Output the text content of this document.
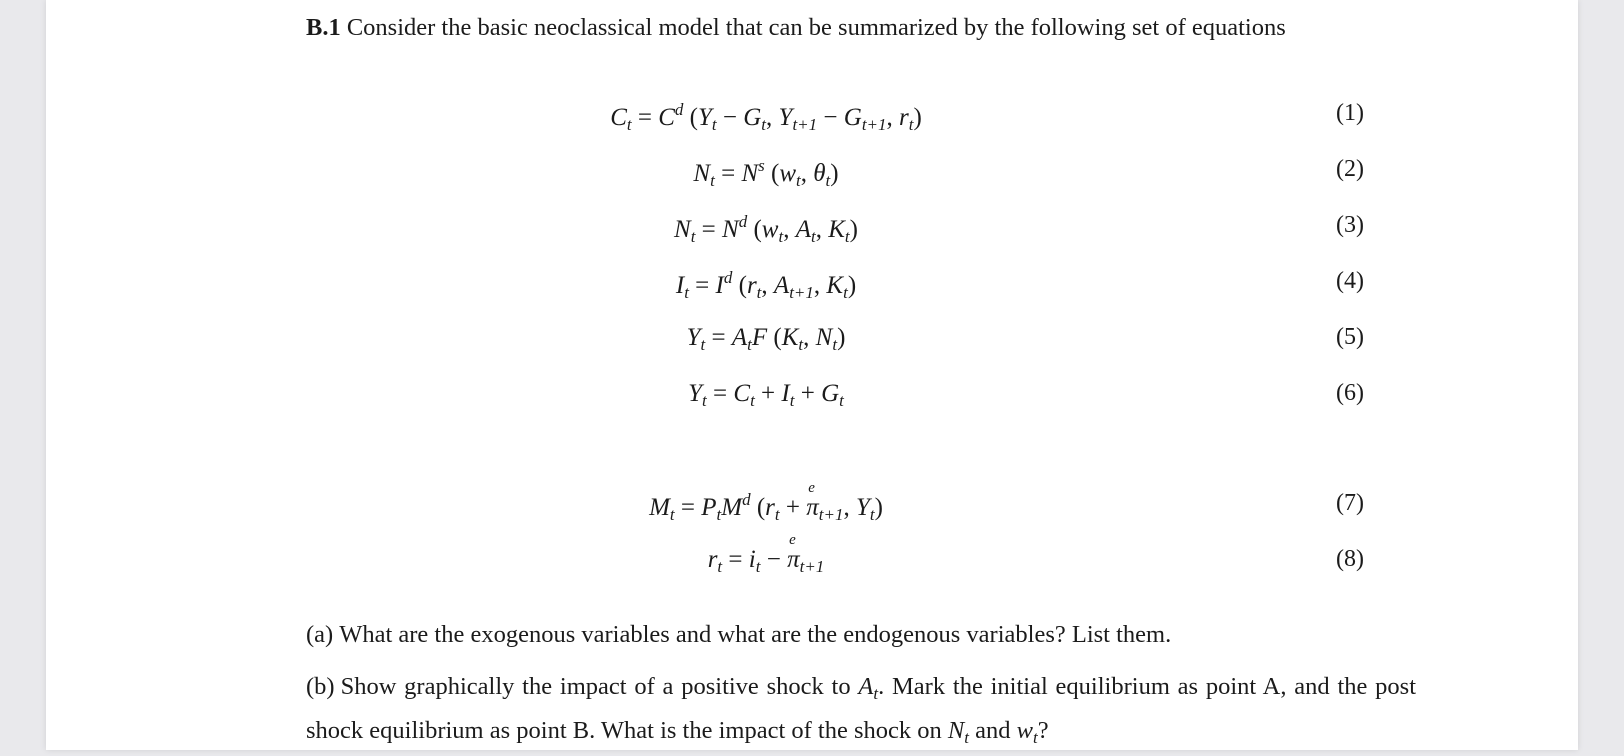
B.1 Consider the basic neoclassical model that can be summarized by the following set of equations
$C_t = C^d$ ($Y_t - G_t$, $Y_{t+1} - G_{t+1}$, $r_t$)	(1)
$N_t = N^s$ ($w_t$, $\theta_t$)	(2)
$N_t = N^d$ ($w_t$, $A_t$, $K_t$)	(3)
$I_t = I^d$ ($r_t$, $A_{t+1}$, $K_t$)	(4)
$Y_t = A_tF$ ($K_t$, $N_t$)	(5)
$Y_t = C_t + I_t + G_t$	(6)
$M_t = P_tM^d$ ($r_t + \pi$
e
$_{t+1}$, $Y_t$)	(7)
$r_t = i_t - \pi$
e
$_{t+1}$	(8)
(a) What are the exogenous variables and what are the endogenous variables? List them.
(b) Show graphically the impact of a positive shock to $A_t$. Mark the initial equilibrium as point A, and the post shock equilibrium as point B. What is the impact of the shock on $N_t$ and $w_t$?
